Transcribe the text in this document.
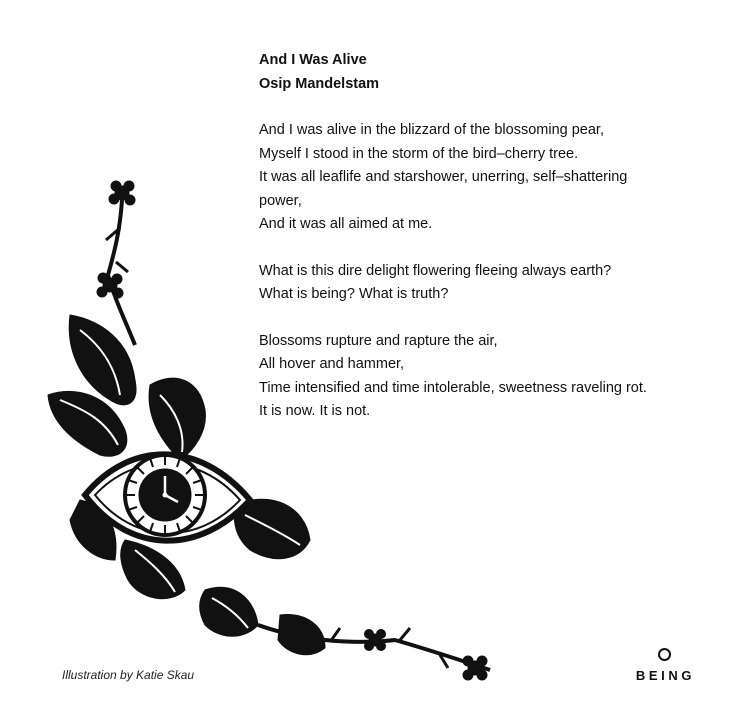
And I Was Alive
Osip Mandelstam
And I was alive in the blizzard of the blossoming pear,
Myself I stood in the storm of the bird–cherry tree.
It was all leaflife and starshower, unerring, self–shattering
power,
And it was all aimed at me.
What is this dire delight flowering fleeing always earth?
What is being? What is truth?
Blossoms rupture and rapture the air,
All hover and hammer,
Time intensified and time intolerable, sweetness raveling rot.
It is now. It is not.
Illustration by Katie Skau	BEING
